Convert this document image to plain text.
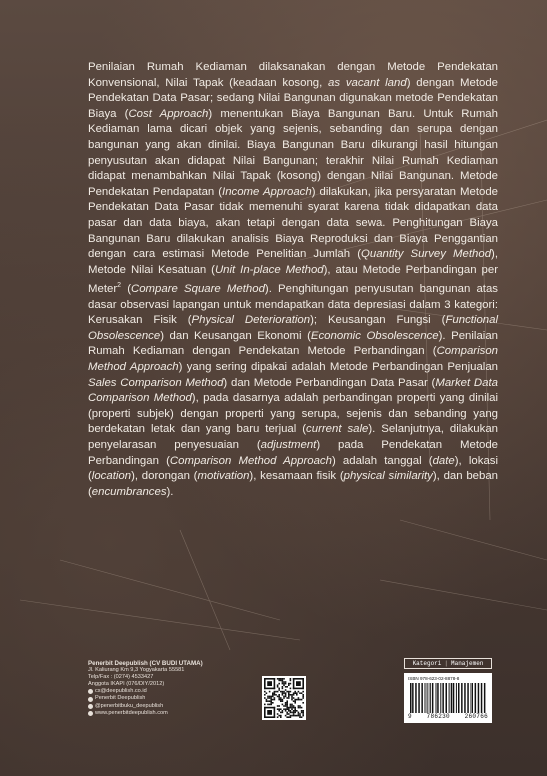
Penilaian Rumah Kediaman dilaksanakan dengan Metode Pendekatan Konvensional, Nilai Tapak (keadaan kosong, as vacant land) dengan Metode Pendekatan Data Pasar; sedang Nilai Bangunan digunakan metode Pendekatan Biaya (Cost Approach) menentukan Biaya Bangunan Baru. Untuk Rumah Kediaman lama dicari objek yang sejenis, sebanding dan serupa dengan bangunan yang akan dinilai. Biaya Bangunan Baru dikurangi hasil hitungan penyusutan akan didapat Nilai Bangunan; terakhir Nilai Rumah Kediaman didapat menambahkan Nilai Tapak (kosong) dengan Nilai Bangunan. Metode Pendekatan Pendapatan (Income Approach) dilakukan, jika persyaratan Metode Pendekatan Data Pasar tidak memenuhi syarat karena tidak didapatkan data pasar dan data biaya, akan tetapi dengan data sewa. Penghitungan Biaya Bangunan Baru dilakukan analisis Biaya Reproduksi dan Biaya Penggantian dengan cara estimasi Metode Penelitian Jumlah (Quantity Survey Method), Metode Nilai Kesatuan (Unit In-place Method), atau Metode Perbandingan per Meter$^2$ (Compare Square Method). Penghitungan penyusutan bangunan atas dasar observasi lapangan untuk mendapatkan data depresiasi dalam 3 kategori: Kerusakan Fisik (Physical Deterioration); Keusangan Fungsi (Functional Obsolescence) dan Keusangan Ekonomi (Economic Obsolescence). Penilaian Rumah Kediaman dengan Pendekatan Metode Perbandingan (Comparison Method Approach) yang sering dipakai adalah Metode Perbandingan Penjualan Sales Comparison Method) dan Metode Perbandingan Data Pasar (Market Data Comparison Method), pada dasarnya adalah perbandingan properti yang dinilai (properti subjek) dengan properti yang serupa, sejenis dan sebanding yang berdekatan letak dan yang baru terjual (current sale). Selanjutnya, dilakukan penyelarasan penyesuaian (adjustment) pada Pendekatan Metode Perbandingan (Comparison Method Approach) adalah tanggal (date), lokasi (location), dorongan (motivation), kesamaan fisik (physical similarity), dan beban (encumbrances).

Penerbit Deepublish (CV BUDI UTAMA)
Jl. Kaliurang Km 9,3 Yogyakarta 55581
Telp/Fax : (0274) 4533427
Anggota IKAPI (076/DIY/2012)
cs@deepublish.co.id
Penerbit Deepublish
@penerbitbuku_deepublish
www.penerbitdeepublish.com
Kategori | Manajemen
ISBN 978-623-02-8878-8
9 786230 260766
